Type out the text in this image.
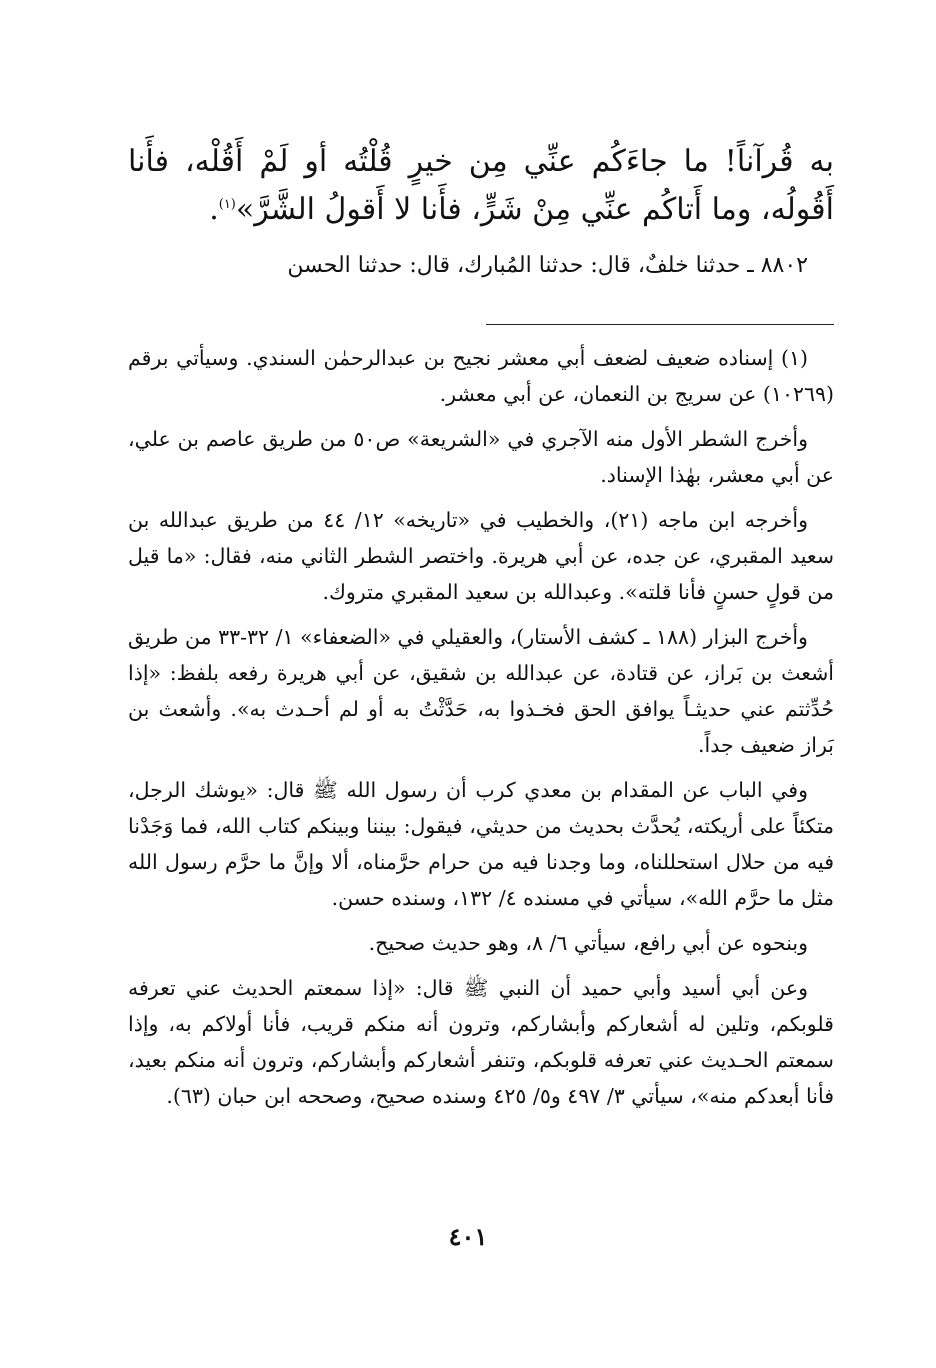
به قُرآناً! ما جاءَكُم عنِّي مِن خيرٍ قُلْتُه أو لَمْ أَقُلْه، فأَنا أَقُولُه، وما أَتاكُم عنِّي مِنْ شَرٍّ، فأَنا لا أَقولُ الشَّرَّ»$^{(١)}$.

٨٨٠٢ ـ حدثنا خلفٌ، قال: حدثنا المُبارك، قال: حدثنا الحسن

(١) إسناده ضعيف لضعف أبي معشر نجيح بن عبدالرحمٰن السندي. وسيأتي برقم (١٠٢٦٩) عن سريج بن النعمان، عن أبي معشر.

وأخرج الشطر الأول منه الآجري في «الشريعة» ص٥٠ من طريق عاصم بن علي، عن أبي معشر، بهٰذا الإسناد.

وأخرجه ابن ماجه (٢١)، والخطيب في «تاريخه» ١٢/ ٤٤ من طريق عبدالله بن سعيد المقبري، عن جده، عن أبي هريرة. واختصر الشطر الثاني منه، فقال: «ما قيل من قولٍ حسنٍ فأنا قلته». وعبدالله بن سعيد المقبري متروك.

وأخرج البزار (١٨٨ ـ كشف الأستار)، والعقيلي في «الضعفاء» ١/ ٣٢-٣٣ من طريق أشعث بن بَراز، عن قتادة، عن عبدالله بن شقيق، عن أبي هريرة رفعه بلفظ: «إذا حُدِّثتم عني حديثـاً يوافق الحق فخـذوا به، حَدَّثْتُ به أو لم أحـدث به». وأشعث بن بَراز ضعيف جداً.

وفي الباب عن المقدام بن معدي كرب أن رسول الله ﷺ قال: «يوشك الرجل، متكئاً على أريكته، يُحدَّث بحديث من حديثي، فيقول: بيننا وبينكم كتاب الله، فما وَجَدْنا فيه من حلال استحللناه، وما وجدنا فيه من حرام حرَّمناه، ألا وإنَّ ما حرَّم رسول الله مثل ما حرَّم الله»، سيأتي في مسنده ٤/ ١٣٢، وسنده حسن.

وبنحوه عن أبي رافع، سيأتي ٦/ ٨، وهو حديث صحيح.

وعن أبي أسيد وأبي حميد أن النبي ﷺ قال: «إذا سمعتم الحديث عني تعرفه قلوبكم، وتلين له أشعاركم وأبشاركم، وترون أنه منكم قريب، فأنا أولاكم به، وإذا سمعتم الحـديث عني تعرفه قلوبكم، وتنفر أشعاركم وأبشاركم، وترون أنه منكم بعيد، فأنا أبعدكم منه»، سيأتي ٣/ ٤٩٧ و٥/ ٤٢٥ وسنده صحيح، وصححه ابن حبان (٦٣).

٤٠١
